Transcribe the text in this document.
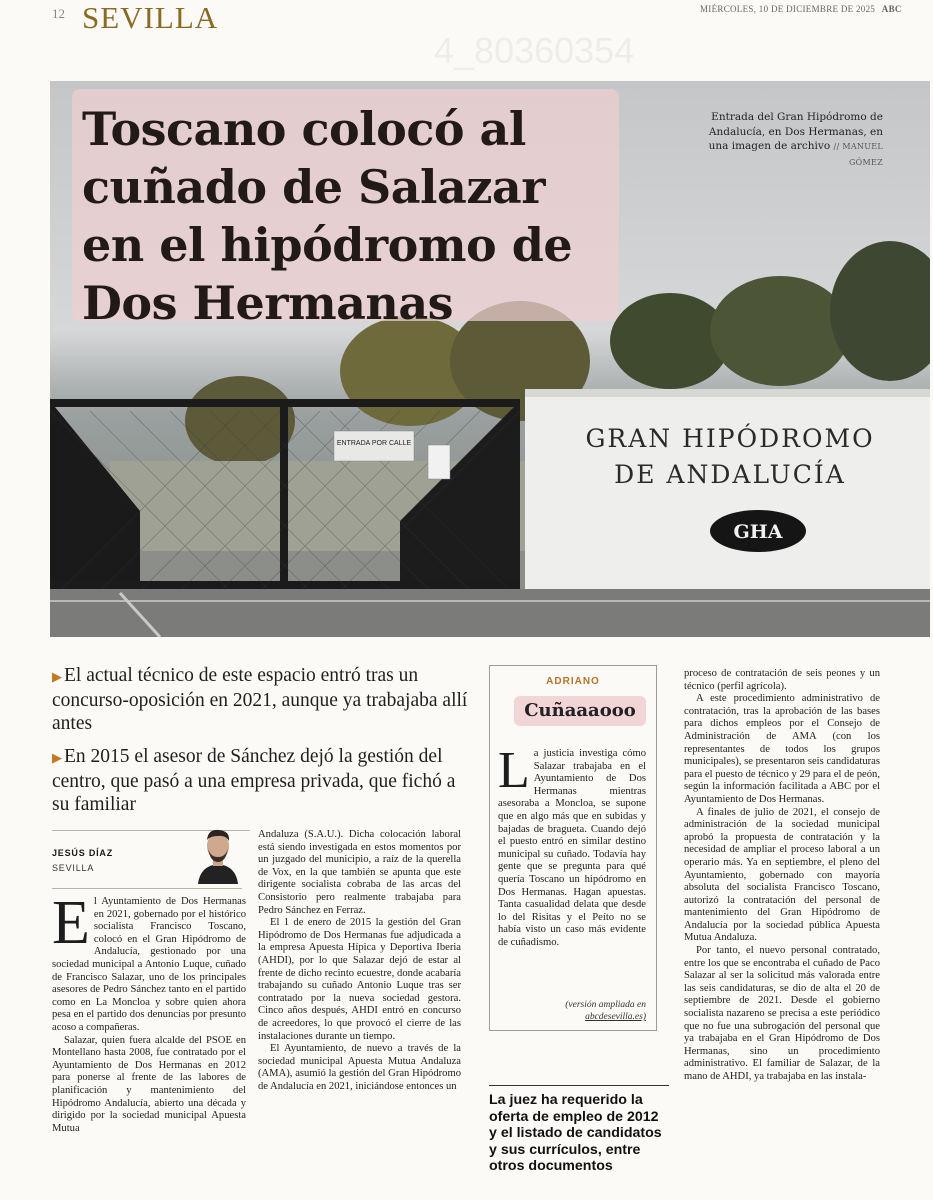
12 SEVILLA	MIÉRCOLES, 10 DE DICIEMBRE DE 2025 ABC
4_80360354
ENTRADA POR CALLE	GRAN HIPÓDROMO
DE ANDALUCÍA
GHA
Toscano colocó al cuñado de Salazar en el hipódromo de Dos Hermanas
Entrada del Gran Hipódromo de Andalucía, en Dos Hermanas, en una imagen de archivo // MANUEL GÓMEZ
▶ El actual técnico de este espacio entró tras un concurso-oposición en 2021, aunque ya trabajaba allí antes
▶ En 2015 el asesor de Sánchez dejó la gestión del centro, que pasó a una empresa privada, que fichó a su familiar
JESÚS DÍAZ
SEVILLA

El Ayuntamiento de Dos Hermanas en 2021, gobernado por el histórico socialista Francisco Toscano, colocó en el Gran Hipódromo de Andalucía, gestionado por una sociedad municipal a Antonio Luque, cuñado de Francisco Salazar, uno de los principales asesores de Pedro Sánchez tanto en el partido como en La Moncloa y sobre quien ahora pesa en el partido dos denuncias por presunto acoso a compañeras.

Salazar, quien fuera alcalde del PSOE en Montellano hasta 2008, fue contratado por el Ayuntamiento de Dos Hermanas en 2012 para ponerse al frente de las labores de planificación y mantenimiento del Hipódromo Andalucía, abierto una década y dirigido por la sociedad municipal Apuesta Mutua

Andaluza (S.A.U.). Dicha colocación laboral está siendo investigada en estos momentos por un juzgado del municipio, a raíz de la querella de Vox, en la que también se apunta que este dirigente socialista cobraba de las arcas del Consistorio pero realmente trabajaba para Pedro Sánchez en Ferraz.

El 1 de enero de 2015 la gestión del Gran Hipódromo de Dos Hermanas fue adjudicada a la empresa Apuesta Hípica y Deportiva Iberia (AHDI), por lo que Salazar dejó de estar al frente de dicho recinto ecuestre, donde acabaría trabajando su cuñado Antonio Luque tras ser contratado por la nueva sociedad gestora. Cinco años después, AHDI entró en concurso de acreedores, lo que provocó el cierre de las instalaciones durante un tiempo.

El Ayuntamiento, de nuevo a través de la sociedad municipal Apuesta Mutua Andaluza (AMA), asumió la gestión del Gran Hipódromo de Andalucía en 2021, iniciándose entonces un

ADRIANO
Cuñaaaooo

La justicia investiga cómo Salazar trabajaba en el Ayuntamiento de Dos Hermanas mientras asesoraba a Moncloa, se supone que en algo más que en subidas y bajadas de bragueta. Cuando dejó el puesto entró en similar destino municipal su cuñado. Todavía hay gente que se pregunta para qué quería Toscano un hipódromo en Dos Hermanas. Hagan apuestas. Tanta casualidad delata que desde lo del Risitas y el Peíto no se había visto un caso más evidente de cuñadismo.

(versión ampliada en
abcdesevilla.es)
La juez ha requerido la oferta de empleo de 2012 y el listado de candidatos y sus currículos, entre otros documentos

proceso de contratación de seis peones y un técnico (perfil agrícola).

A este procedimiento administrativo de contratación, tras la aprobación de las bases para dichos empleos por el Consejo de Administración de AMA (con los representantes de todos los grupos municipales), se presentaron seis candidaturas para el puesto de técnico y 29 para el de peón, según la información facilitada a ABC por el Ayuntamiento de Dos Hermanas.

A finales de julio de 2021, el consejo de administración de la sociedad municipal aprobó la propuesta de contratación y la necesidad de ampliar el proceso laboral a un operario más. Ya en septiembre, el pleno del Ayuntamiento, gobernado con mayoría absoluta del socialista Francisco Toscano, autorizó la contratación del personal de mantenimiento del Gran Hipódromo de Andalucía por la sociedad pública Apuesta Mutua Andaluza.

Por tanto, el nuevo personal contratado, entre los que se encontraba el cuñado de Paco Salazar al ser la solicitud más valorada entre las seis candidaturas, se dio de alta el 20 de septiembre de 2021. Desde el gobierno socialista nazareno se precisa a este periódico que no fue una subrogación del personal que ya trabajaba en el Gran Hipódromo de Dos Hermanas, sino un procedimiento administrativo. El familiar de Salazar, de la mano de AHDI, ya trabajaba en las instala-
